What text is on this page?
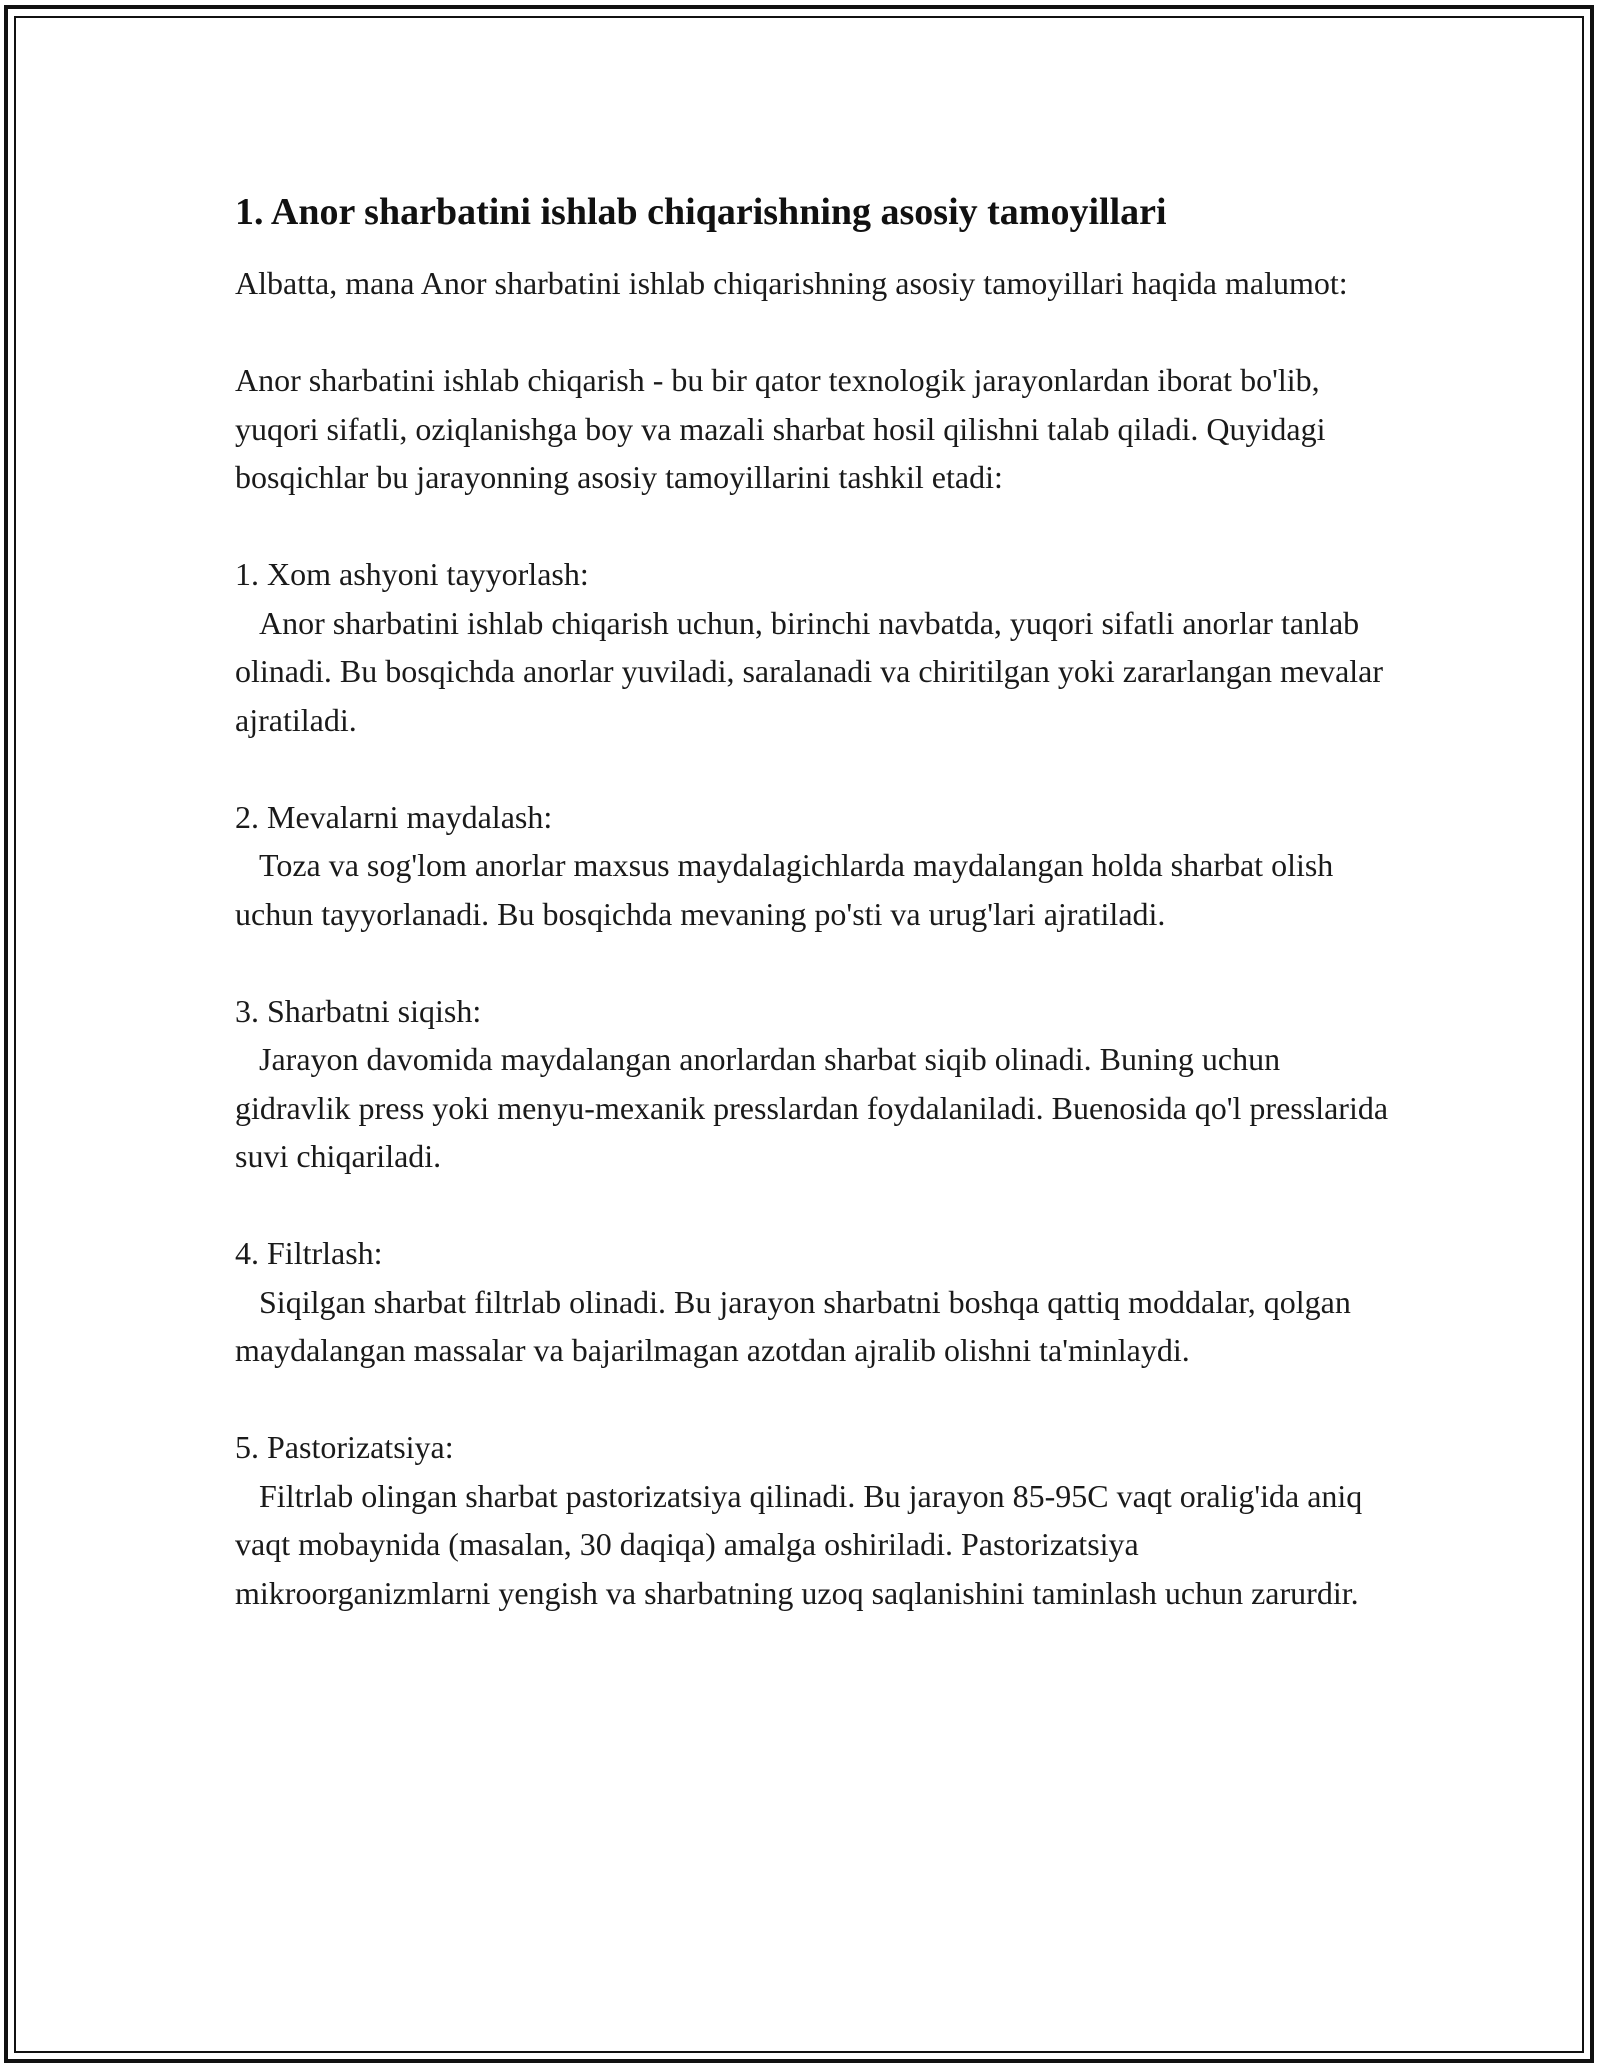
1. Anor sharbatini ishlab chiqarishning asosiy tamoyillari

Albatta, mana Anor sharbatini ishlab chiqarishning asosiy tamoyillari haqida malumot:

Anor sharbatini ishlab chiqarish - bu bir qator texnologik jarayonlardan iborat bo'lib, yuqori sifatli, oziqlanishga boy va mazali sharbat hosil qilishni talab qiladi. Quyidagi bosqichlar bu jarayonning asosiy tamoyillarini tashkil etadi:

1. Xom ashyoni tayyorlash:

Anor sharbatini ishlab chiqarish uchun, birinchi navbatda, yuqori sifatli anorlar tanlab olinadi. Bu bosqichda anorlar yuviladi, saralanadi va chiritilgan yoki zararlangan mevalar ajratiladi.

2. Mevalarni maydalash:

Toza va sog'lom anorlar maxsus maydalagichlarda maydalangan holda sharbat olish uchun tayyorlanadi. Bu bosqichda mevaning po'sti va urug'lari ajratiladi.

3. Sharbatni siqish:

Jarayon davomida maydalangan anorlardan sharbat siqib olinadi. Buning uchun gidravlik press yoki menyu-mexanik presslardan foydalaniladi. Buenosida qo'l presslarida suvi chiqariladi.

4. Filtrlash:

Siqilgan sharbat filtrlab olinadi. Bu jarayon sharbatni boshqa qattiq moddalar, qolgan maydalangan massalar va bajarilmagan azotdan ajralib olishni ta'minlaydi.

5. Pastorizatsiya:

Filtrlab olingan sharbat pastorizatsiya qilinadi. Bu jarayon 85-95C vaqt oralig'ida aniq vaqt mobaynida (masalan, 30 daqiqa) amalga oshiriladi. Pastorizatsiya mikroorganizmlarni yengish va sharbatning uzoq saqlanishini taminlash uchun zarurdir.
